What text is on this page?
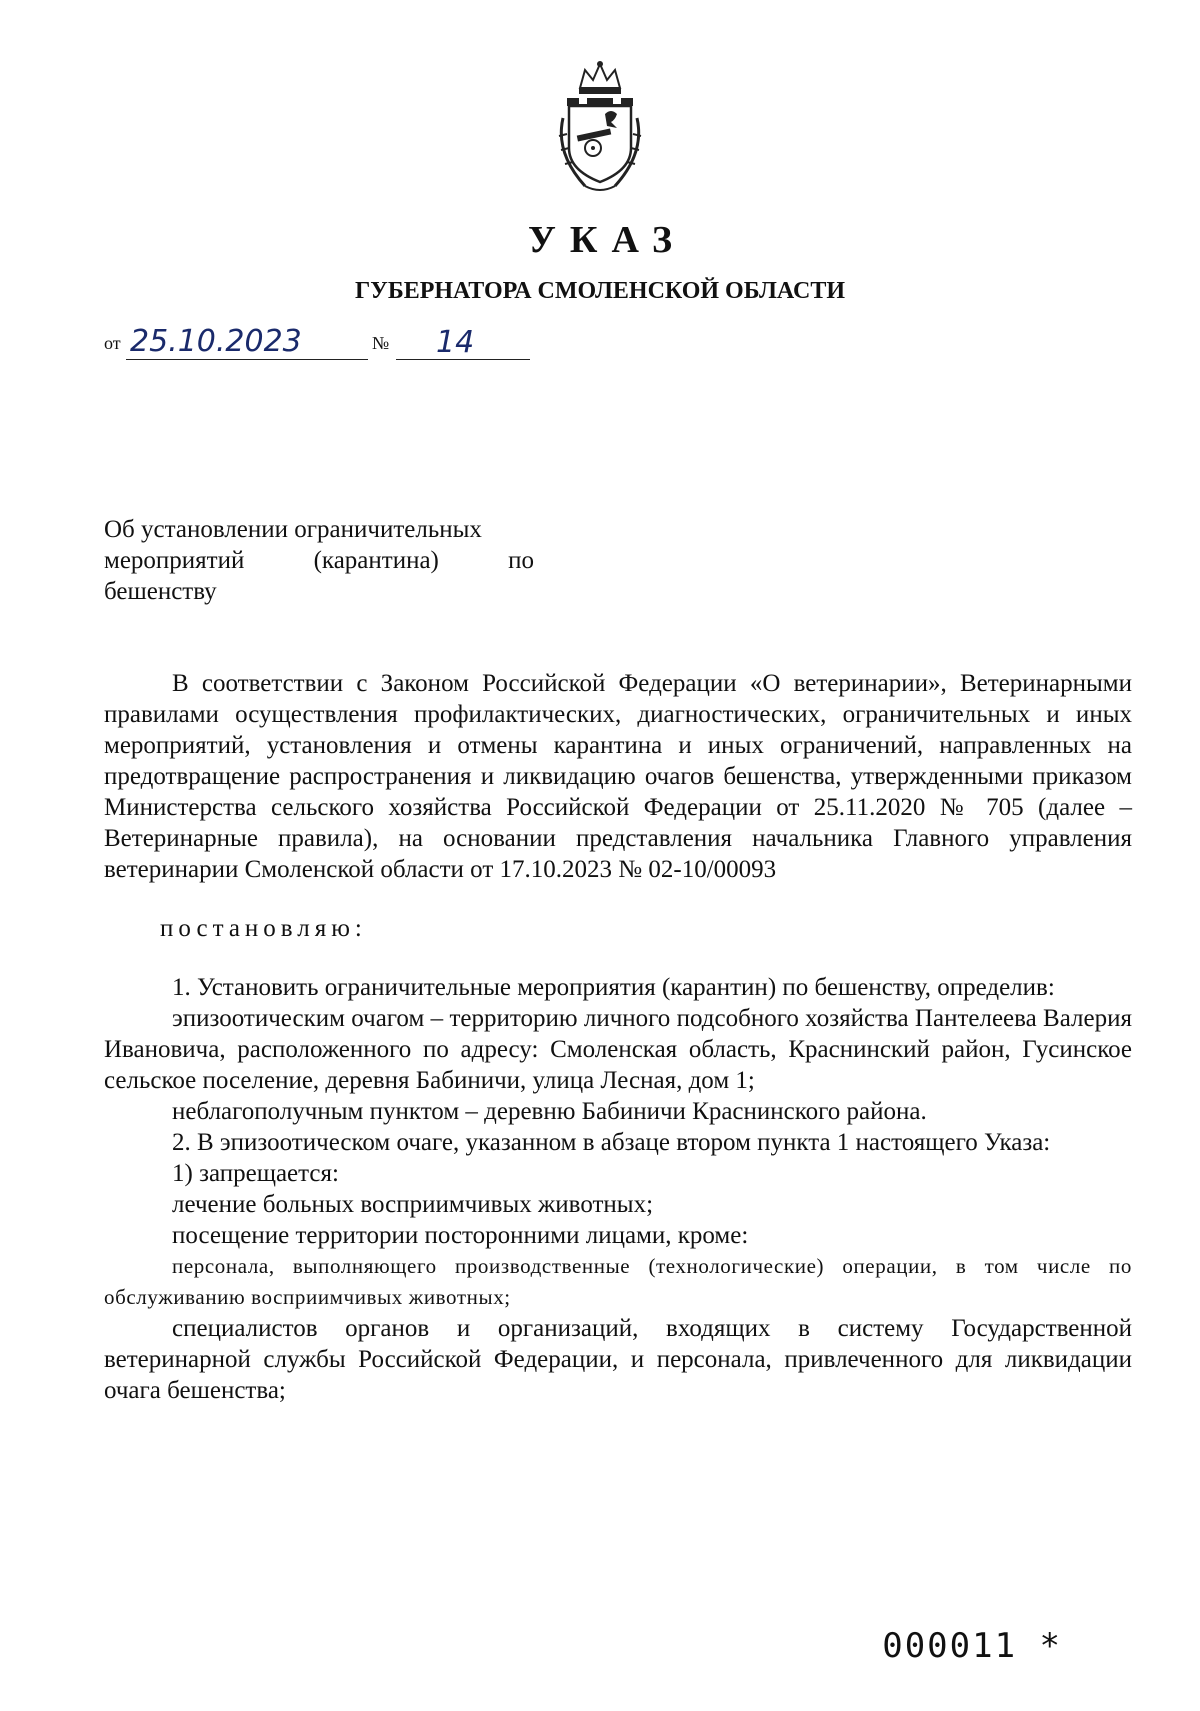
УКАЗ
ГУБЕРНАТОРА СМОЛЕНСКОЙ ОБЛАСТИ
от 25.10.2023	№	14
Об установлении ограничительных
мероприятий (карантина) по
бешенству

В соответствии с Законом Российской Федерации «О ветеринарии», Ветеринарными правилами осуществления профилактических, диагностических, ограничительных и иных мероприятий, установления и отмены карантина и иных ограничений, направленных на предотвращение распространения и ликвидацию очагов бешенства, утвержденными приказом Министерства сельского хозяйства Российской Федерации от 25.11.2020 № 705 (далее – Ветеринарные правила), на основании представления начальника Главного управления ветеринарии Смоленской области от 17.10.2023 № 02-10/00093

постановляю:

1. Установить ограничительные мероприятия (карантин) по бешенству, определив:

эпизоотическим очагом – территорию личного подсобного хозяйства Пантелеева Валерия Ивановича, расположенного по адресу: Смоленская область, Краснинский район, Гусинское сельское поселение, деревня Бабиничи, улица Лесная, дом 1;

неблагополучным пунктом – деревню Бабиничи Краснинского района.

2. В эпизоотическом очаге, указанном в абзаце втором пункта 1 настоящего Указа:

1) запрещается:

лечение больных восприимчивых животных;

посещение территории посторонними лицами, кроме:

персонала, выполняющего производственные (технологические) операции, в том числе по обслуживанию восприимчивых животных;

специалистов органов и организаций, входящих в систему Государственной ветеринарной службы Российской Федерации, и персонала, привлеченного для ликвидации очага бешенства;

000011 *
